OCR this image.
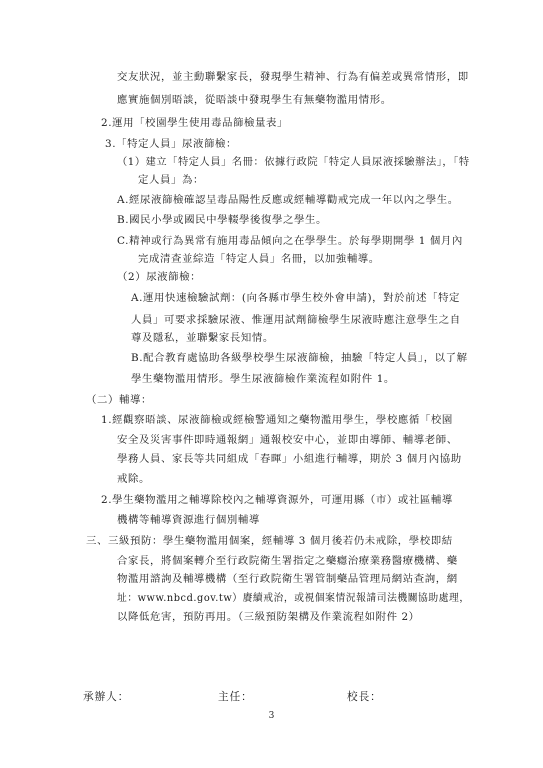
交友狀況，並主動聯繫家長，發現學生精神、行為有偏差或異常情形，即
應實施個別晤談，從晤談中發現學生有無藥物濫用情形。
2.運用「校園學生使用毒品篩檢量表」
3.「特定人員」尿液篩檢：
（1）建立「特定人員」名冊：依據行政院「特定人員尿液採驗辦法」，「特
定人員」為：
A.經尿液篩檢確認呈毒品陽性反應或經輔導勸戒完成一年以內之學生。
B.國民小學或國民中學輟學後復學之學生。
C.精神或行為異常有施用毒品傾向之在學學生。於每學期開學 1 個月內
完成清查並綜造「特定人員」名冊，以加強輔導。
（2）尿液篩檢：
A.運用快速檢驗試劑：(向各縣市學生校外會申請)，對於前述「特定
人員」可要求採驗尿液、惟運用試劑篩檢學生尿液時應注意學生之自
尊及隱私，並聯繫家長知情。
B.配合教育處協助各級學校學生尿液篩檢，抽驗「特定人員」，以了解
學生藥物濫用情形。學生尿液篩檢作業流程如附件 1。
（二）輔導：
1.經觀察晤談、尿液篩檢或經檢警通知之藥物濫用學生，學校應循「校園
安全及災害事件即時通報網」通報校安中心，並即由導師、輔導老師、
學務人員、家長等共同組成「春暉」小組進行輔導，期於 3 個月內協助
戒除。
2.學生藥物濫用之輔導除校內之輔導資源外，可運用縣（市）或社區輔導
機構等輔導資源進行個別輔導
三、三級預防：學生藥物濫用個案，經輔導 3 個月後若仍未戒除，學校即結
合家長，將個案轉介至行政院衛生署指定之藥癮治療業務醫療機構、藥
物濫用諮詢及輔導機構（至行政院衛生署管制藥品管理局網站查詢，網
址：www.nbcd.gov.tw）賡續戒治，或視個案情況報請司法機關協助處理，
以降低危害，預防再用。（三級預防架構及作業流程如附件 2）
承辦人：	主任：	校長：
3
